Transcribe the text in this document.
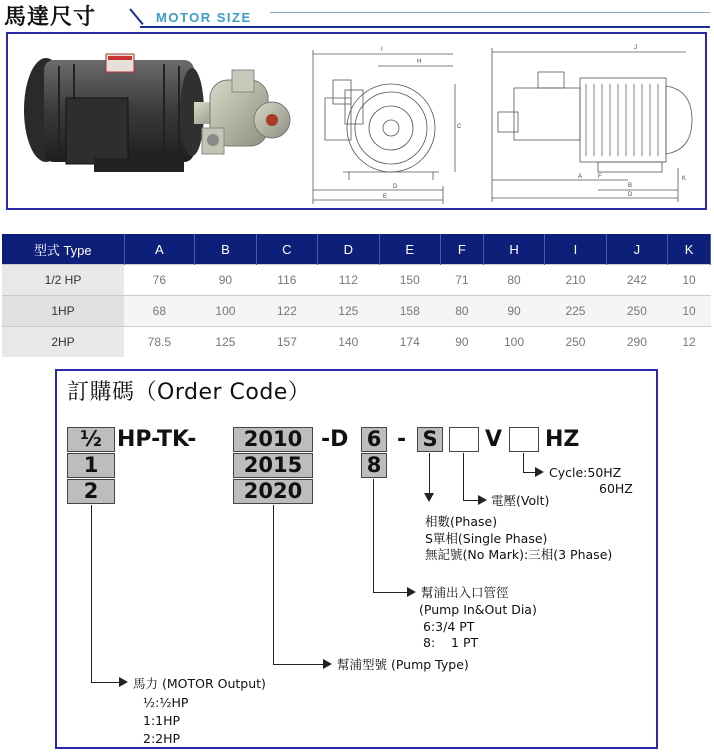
馬達尺寸	MOTOR SIZE
I
H
C
D
E
J
A
B
F
D
K
型式 Type	A	B	C	D	E	F	H	I	J	K
1/2 HP	76	90	116	112	150	71	80	210	242	10
1HP	68	100	122	125	158	80	90	225	250	10
2HP	78.5	125	157	140	174	90	100	250	290	12
訂購碼（Order Code）
½
1
2
HP-TK-	2010
2015
2020
-D 6
8
- S V HZ
Cycle:50HZ
60HZ
電壓(Volt)
相數(Phase)
S單相(Single Phase)
無記號(No Mark):三相(3 Phase)
幫浦出入口管徑
(Pump In&Out Dia)
6:3/4 PT
8:    1 PT
幫浦型號 (Pump Type)
馬力 (MOTOR Output)
½:½HP
1:1HP
2:2HP
